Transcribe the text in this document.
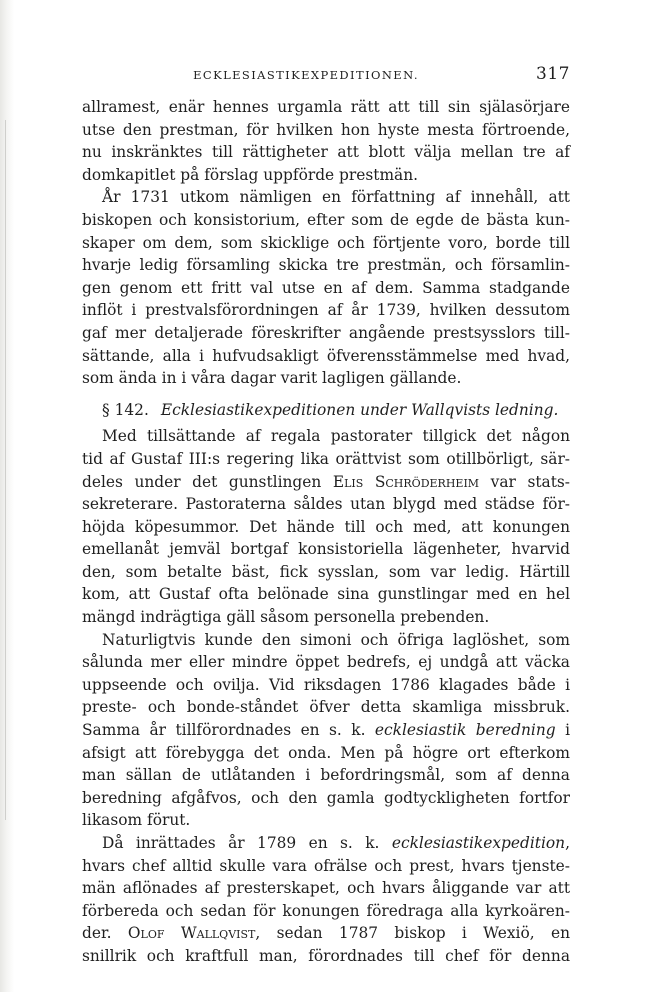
ECKLESIASTIKEXPEDITIONEN.	317
allramest, enär hennes urgamla rätt att till sin själasörjare
utse den prestman, för hvilken hon hyste mesta förtroende,
nu inskränktes till rättigheter att blott välja mellan tre af
domkapitlet på förslag uppförde prestmän.
År 1731 utkom nämligen en författning af innehåll, att
biskopen och konsistorium, efter som de egde de bästa kun-
skaper om dem, som skicklige och förtjente voro, borde till
hvarje ledig församling skicka tre prestmän, och församlin-
gen genom ett fritt val utse en af dem. Samma stadgande
inflöt i prestvalsförordningen af år 1739, hvilken dessutom
gaf mer detaljerade föreskrifter angående prestsysslors till-
sättande, alla i hufvudsakligt öfverensstämmelse med hvad,
som ända in i våra dagar varit lagligen gällande.
§ 142. Ecklesiastikexpeditionen under Wallqvists ledning.
Med tillsättande af regala pastorater tillgick det någon
tid af Gustaf III:s regering lika orättvist som otillbörligt, sär-
deles under det gunstlingen Elis Schröderheim var stats-
sekreterare. Pastoraterna såldes utan blygd med städse för-
höjda köpesummor. Det hände till och med, att konungen
emellanåt jemväl bortgaf konsistoriella lägenheter, hvarvid
den, som betalte bäst, fick sysslan, som var ledig. Härtill
kom, att Gustaf ofta belönade sina gunstlingar med en hel
mängd indrägtiga gäll såsom personella prebenden.
Naturligtvis kunde den simoni och öfriga laglöshet, som
sålunda mer eller mindre öppet bedrefs, ej undgå att väcka
uppseende och ovilja. Vid riksdagen 1786 klagades både i
preste- och bonde-ståndet öfver detta skamliga missbruk.
Samma år tillförordnades en s. k. ecklesiastik beredning i
afsigt att förebygga det onda. Men på högre ort efterkom
man sällan de utlåtanden i befordringsmål, som af denna
beredning afgåfvos, och den gamla godtyckligheten fortfor
likasom förut.
Då inrättades år 1789 en s. k. ecklesiastikexpedition,
hvars chef alltid skulle vara ofrälse och prest, hvars tjenste-
män aflönades af presterskapet, och hvars åliggande var att
förbereda och sedan för konungen föredraga alla kyrkoären-
der. Olof Wallqvist, sedan 1787 biskop i Wexiö, en
snillrik och kraftfull man, förordnades till chef för denna
